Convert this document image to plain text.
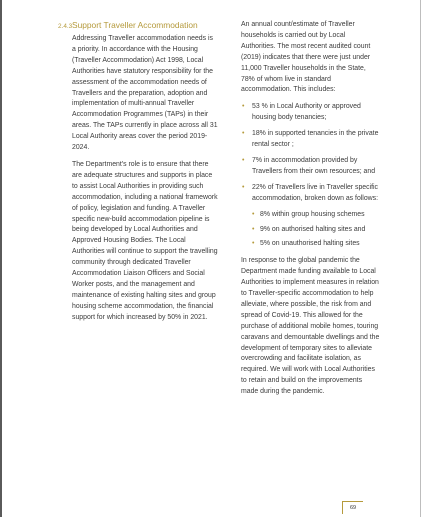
2.4.3 Support Traveller Accommodation

Addressing Traveller accommodation needs is a priority. In accordance with the Housing (Traveller Accommodation) Act 1998, Local Authorities have statutory responsibility for the assessment of the accommodation needs of Travellers and the preparation, adoption and implementation of multi-annual Traveller Accommodation Programmes (TAPs) in their areas. The TAPs currently in place across all 31 Local Authority areas cover the period 2019-2024.

The Department's role is to ensure that there are adequate structures and supports in place to assist Local Authorities in providing such accommodation, including a national framework of policy, legislation and funding. A Traveller specific new-build accommodation pipeline is being developed by Local Authorities and Approved Housing Bodies. The Local Authorities will continue to support the travelling community through dedicated Traveller Accommodation Liaison Officers and Social Worker posts, and the management and maintenance of existing halting sites and group housing scheme accommodation, the financial support for which increased by 50% in 2021.

An annual count/estimate of Traveller households is carried out by Local Authorities. The most recent audited count (2019) indicates that there were just under 11,000 Traveller households in the State, 78% of whom live in standard accommodation. This includes:

• 53 % in Local Authority or approved housing body tenancies;
• 18% in supported tenancies in the private rental sector ;
• 7% in accommodation provided by Travellers from their own resources; and
• 22% of Travellers live in Traveller specific accommodation, broken down as follows:
• 8% within group housing schemes
• 9% on authorised halting sites and
• 5% on unauthorised halting sites

In response to the global pandemic the Department made funding available to Local Authorities to implement measures in relation to Traveller-specific accommodation to help alleviate, where possible, the risk from and spread of Covid-19. This allowed for the purchase of additional mobile homes, touring caravans and demountable dwellings and the development of temporary sites to alleviate overcrowding and facilitate isolation, as required. We will work with Local Authorities to retain and build on the improvements made during the pandemic.

69
